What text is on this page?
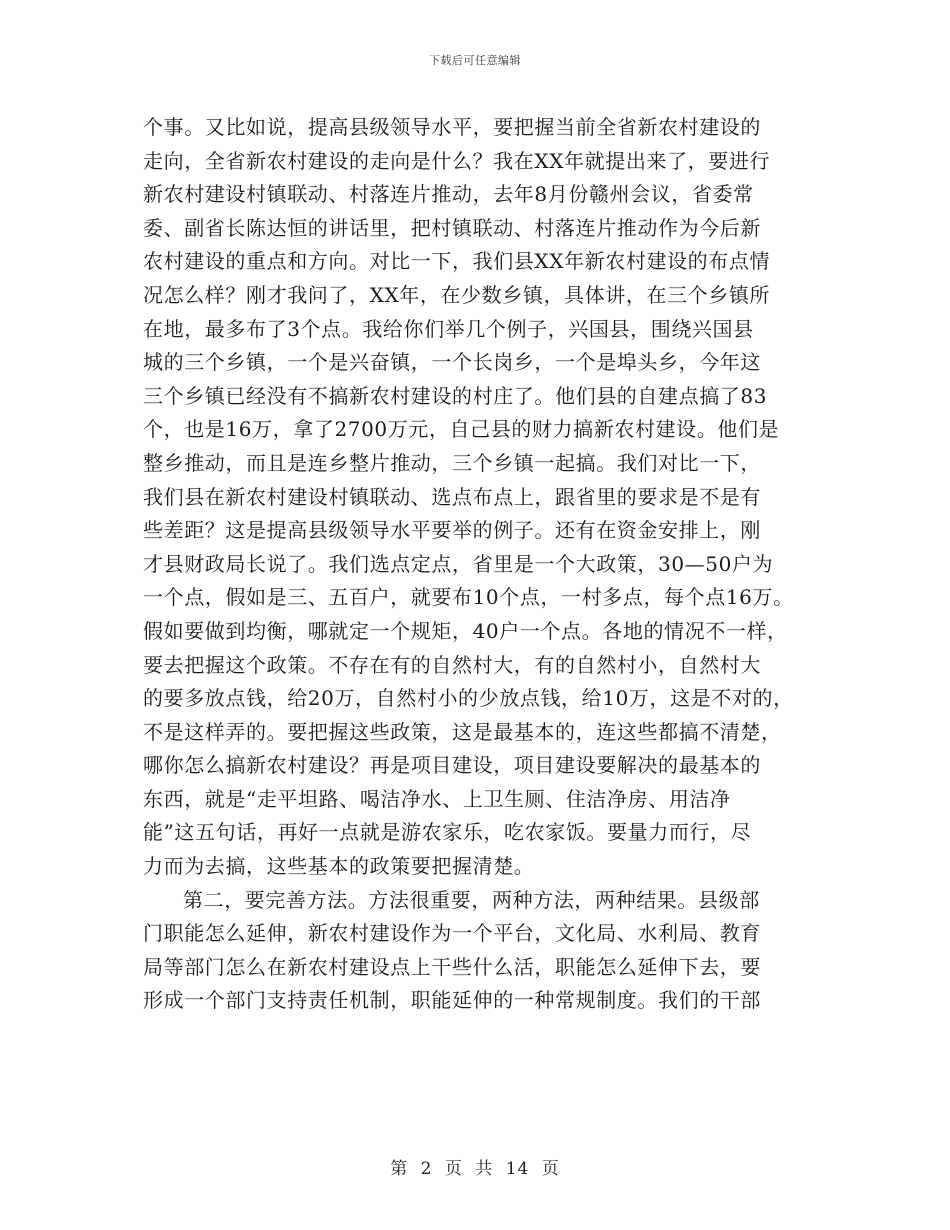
下载后可任意编辑
个事。又比如说，提高县级领导水平，要把握当前全省新农村建设的
走向，全省新农村建设的走向是什么？我在XX年就提出来了，要进行
新农村建设村镇联动、村落连片推动，去年8月份赣州会议，省委常
委、副省长陈达恒的讲话里，把村镇联动、村落连片推动作为今后新
农村建设的重点和方向。对比一下，我们县XX年新农村建设的布点情
况怎么样？刚才我问了，XX年，在少数乡镇，具体讲，在三个乡镇所
在地，最多布了3个点。我给你们举几个例子，兴国县，围绕兴国县
城的三个乡镇，一个是兴奋镇，一个长岗乡，一个是埠头乡，今年这
三个乡镇已经没有不搞新农村建设的村庄了。他们县的自建点搞了83
个，也是16万，拿了2700万元，自己县的财力搞新农村建设。他们是
整乡推动，而且是连乡整片推动，三个乡镇一起搞。我们对比一下，
我们县在新农村建设村镇联动、选点布点上，跟省里的要求是不是有
些差距？这是提高县级领导水平要举的例子。还有在资金安排上，刚
才县财政局长说了。我们选点定点，省里是一个大政策，30—50户为
一个点，假如是三、五百户，就要布10个点，一村多点，每个点16万。
假如要做到均衡，哪就定一个规矩，40户一个点。各地的情况不一样，
要去把握这个政策。不存在有的自然村大，有的自然村小，自然村大
的要多放点钱，给20万，自然村小的少放点钱，给10万，这是不对的，
不是这样弄的。要把握这些政策，这是最基本的，连这些都搞不清楚，
哪你怎么搞新农村建设？再是项目建设，项目建设要解决的最基本的
东西，就是“走平坦路、喝洁净水、上卫生厕、住洁净房、用洁净
能”这五句话，再好一点就是游农家乐，吃农家饭。要量力而行，尽
力而为去搞，这些基本的政策要把握清楚。
第二，要完善方法。方法很重要，两种方法，两种结果。县级部
门职能怎么延伸，新农村建设作为一个平台，文化局、水利局、教育
局等部门怎么在新农村建设点上干些什么活，职能怎么延伸下去，要
形成一个部门支持责任机制，职能延伸的一种常规制度。我们的干部
第 2 页 共 14 页
